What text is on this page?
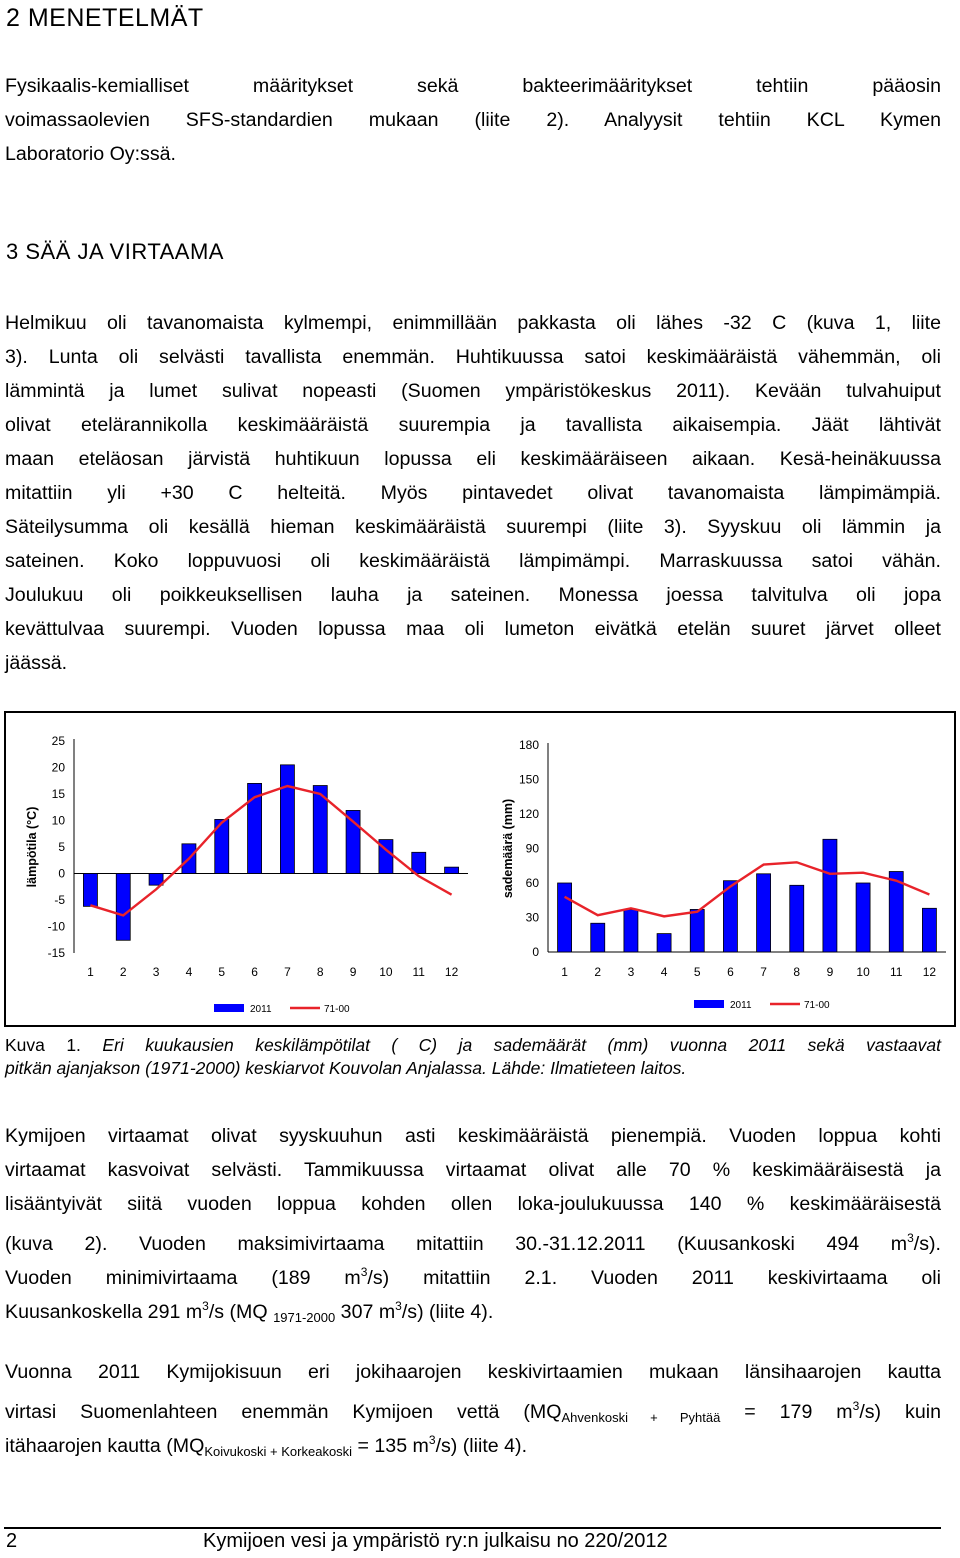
2 MENETELMÄT
Fysikaalis-kemialliset määritykset sekä bakteerimääritykset tehtiin pääosin
voimassaolevien SFS-standardien mukaan (liite 2). Analyysit tehtiin KCL Kymen
Laboratorio Oy:ssä.
3 SÄÄ JA VIRTAAMA
Helmikuu oli tavanomaista kylmempi, enimmillään pakkasta oli lähes -32 C (kuva 1, liite
3). Lunta oli selvästi tavallista enemmän. Huhtikuussa satoi keskimääräistä vähemmän, oli
lämmintä ja lumet sulivat nopeasti (Suomen ympäristökeskus 2011). Kevään tulvahuiput
olivat etelärannikolla keskimääräistä suurempia ja tavallista aikaisempia. Jäät lähtivät
maan eteläosan järvistä huhtikuun lopussa eli keskimääräiseen aikaan. Kesä-heinäkuussa
mitattiin yli +30 C helteitä. Myös pintavedet olivat tavanomaista lämpimämpiä.
Säteilysumma oli kesällä hieman keskimääräistä suurempi (liite 3). Syyskuu oli lämmin ja
sateinen. Koko loppuvuosi oli keskimääräistä lämpimämpi. Marraskuussa satoi vähän.
Joulukuu oli poikkeuksellisen lauha ja sateinen. Monessa joessa talvitulva oli jopa
kevättulvaa suurempi. Vuoden lopussa maa oli lumeton eivätkä etelän suuret järvet olleet
jäässä.
25
20
15
10
5
0
-5
-10
-15
lämpötila (°C)
1 2 3 4 5 6 7 8 9 10 11 12
2011	71-00
180
150
120
90
60
30
0
sademäärä (mm)
1 2 3 4 5 6 7 8 9 10 11 12
2011	71-00
Kuva 1. Eri kuukausien keskilämpötilat ( C) ja sademäärät (mm) vuonna 2011 sekä vastaavat
pitkän ajanjakson (1971-2000) keskiarvot Kouvolan Anjalassa. Lähde: Ilmatieteen laitos.
Kymijoen virtaamat olivat syyskuuhun asti keskimääräistä pienempiä. Vuoden loppua kohti
virtaamat kasvoivat selvästi. Tammikuussa virtaamat olivat alle 70 % keskimääräisestä ja
lisääntyivät siitä vuoden loppua kohden ollen loka-joulukuussa 140 % keskimääräisestä
(kuva 2). Vuoden maksimivirtaama mitattiin 30.-31.12.2011 (Kuusankoski 494 $m^3/s$).
Vuoden minimivirtaama (189 $m^3/s$) mitattiin 2.1. Vuoden 2011 keskivirtaama oli
Kuusankoskella 291 $m^3/s$ (MQ $_{1971-2000}$ 307 $m^3/s$) (liite 4).
Vuonna 2011 Kymijokisuun eri jokihaarojen keskivirtaamien mukaan länsihaarojen kautta
virtasi Suomenlahteen enemmän Kymijoen vettä ($MQ_{Ahvenkoski + Pyhtää} = 179$ $m^3/s$) kuin
itähaarojen kautta ($MQ_{Koivukoski + Korkeakoski} = 135$ $m^3/s$) (liite 4).
2	Kymijoen vesi ja ympäristö ry:n julkaisu no 220/2012
